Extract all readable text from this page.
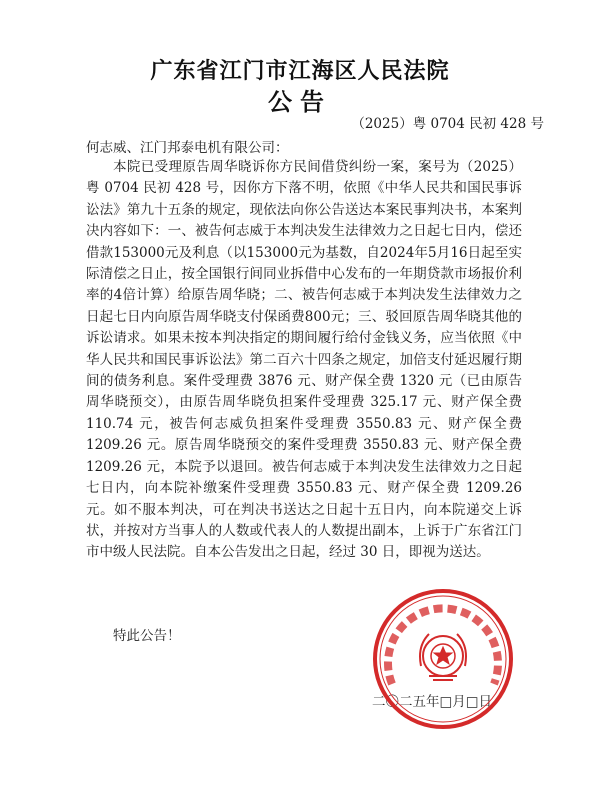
广东省江门市江海区人民法院
公告
（2025）粤 0704 民初 428 号
何志威、江门邦泰电机有限公司：

本院已受理原告周华晓诉你方民间借贷纠纷一案，案号为（2025）粤 0704 民初 428 号，因你方下落不明，依照《中华人民共和国民事诉讼法》第九十五条的规定，现依法向你公告送达本案民事判决书，本案判决内容如下：一、被告何志威于本判决发生法律效力之日起七日内，偿还借款153000元及利息（以153000元为基数，自2024年5月16日起至实际清偿之日止，按全国银行间同业拆借中心发布的一年期贷款市场报价利率的4倍计算）给原告周华晓；二、被告何志威于本判决发生法律效力之日起七日内向原告周华晓支付保函费800元；三、驳回原告周华晓其他的诉讼请求。如果未按本判决指定的期间履行给付金钱义务，应当依照《中华人民共和国民事诉讼法》第二百六十四条之规定，加倍支付延迟履行期间的债务利息。案件受理费 3876 元、财产保全费 1320 元（已由原告周华晓预交），由原告周华晓负担案件受理费 325.17 元、财产保全费 110.74 元，被告何志威负担案件受理费 3550.83 元、财产保全费 1209.26 元。原告周华晓预交的案件受理费 3550.83 元、财产保全费 1209.26 元，本院予以退回。被告何志威于本判决发生法律效力之日起七日内，向本院补缴案件受理费 3550.83 元、财产保全费 1209.26 元。如不服本判决，可在判决书送达之日起十五日内，向本院递交上诉状，并按对方当事人的人数或代表人的人数提出副本，上诉于广东省江门市中级人民法院。自本公告发出之日起，经过 30 日，即视为送达。

特此公告！
二〇二五年□月□日
